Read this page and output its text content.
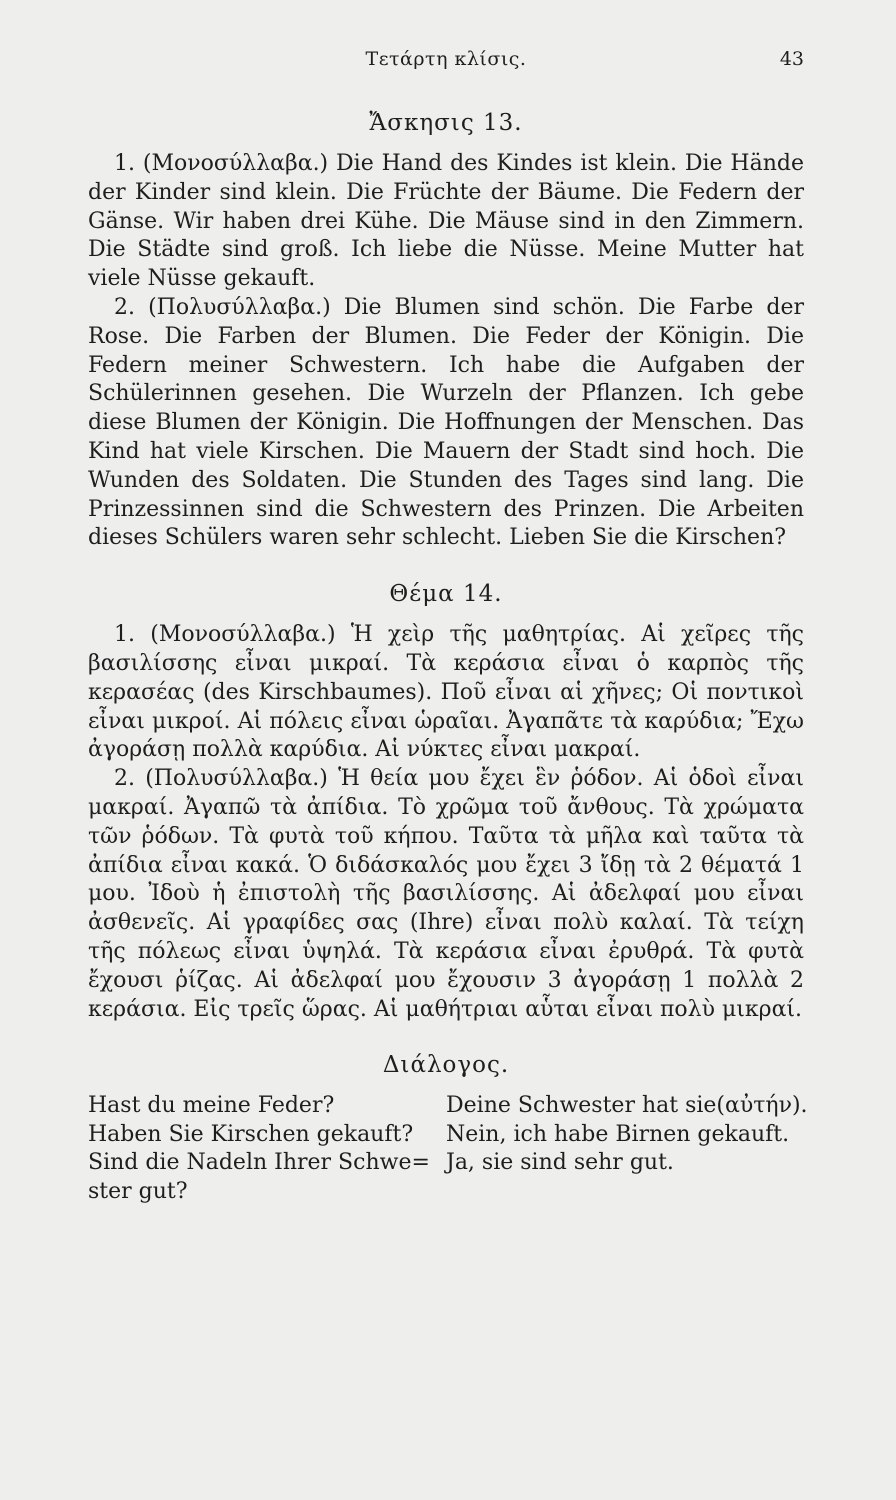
Τετάρτη κλίσις.	43
Ἄσκησις 13.

1. (Μονοσύλλαβα.) Die Hand des Kindes ist klein. Die Hände der Kinder sind klein. Die Früchte der Bäume. Die Federn der Gänse. Wir haben drei Kühe. Die Mäuse sind in den Zimmern. Die Städte sind groß. Ich liebe die Nüsse. Meine Mutter hat viele Nüsse gekauft.

2. (Πολυσύλλαβα.) Die Blumen sind schön. Die Farbe der Rose. Die Farben der Blumen. Die Feder der Königin. Die Federn meiner Schwestern. Ich habe die Aufgaben der Schülerinnen gesehen. Die Wurzeln der Pflanzen. Ich gebe diese Blumen der Königin. Die Hoffnungen der Menschen. Das Kind hat viele Kirschen. Die Mauern der Stadt sind hoch. Die Wunden des Soldaten. Die Stunden des Tages sind lang. Die Prinzessinnen sind die Schwestern des Prinzen. Die Arbeiten dieses Schülers waren sehr schlecht. Lieben Sie die Kirschen?

Θέμα 14.

1. (Μονοσύλλαβα.) Ἡ χεὶρ τῆς μαθητρίας. Αἱ χεῖρες τῆς βασιλίσσης εἶναι μικραί. Τὰ κεράσια εἶναι ὁ καρπὸς τῆς κερασέας (des Kirschbaumes). Ποῦ εἶναι αἱ χῆνες; Οἱ ποντικοὶ εἶναι μικροί. Αἱ πόλεις εἶναι ὡραῖαι. Ἀγαπᾶτε τὰ καρύδια; Ἔχω ἀγοράσῃ πολλὰ καρύδια. Αἱ νύκτες εἶναι μακραί.

2. (Πολυσύλλαβα.) Ἡ θεία μου ἔχει ἓν ῥόδον. Αἱ ὁδοὶ εἶναι μακραί. Ἀγαπῶ τὰ ἀπίδια. Τὸ χρῶμα τοῦ ἄνθους. Τὰ χρώματα τῶν ῥόδων. Τὰ φυτὰ τοῦ κήπου. Ταῦτα τὰ μῆλα καὶ ταῦτα τὰ ἀπίδια εἶναι κακά. Ὁ διδάσκαλός μου ἔχει 3 ἴδῃ τὰ 2 θέματά 1 μου. Ἰδοὺ ἡ ἐπιστολὴ τῆς βασιλίσσης. Αἱ ἀδελφαί μου εἶναι ἀσθενεῖς. Αἱ γραφίδες σας (Ihre) εἶναι πολὺ καλαί. Τὰ τείχη τῆς πόλεως εἶναι ὑψηλά. Τὰ κεράσια εἶναι ἐρυθρά. Τὰ φυτὰ ἔχουσι ῥίζας. Αἱ ἀδελφαί μου ἔχουσιν 3 ἀγοράσῃ 1 πολλὰ 2 κεράσια. Εἰς τρεῖς ὥρας. Αἱ μαθήτριαι αὗται εἶναι πολὺ μικραί.

Διάλογος.
Hast du meine Feder?
Haben Sie Kirschen gekauft?
Sind die Nadeln Ihrer Schwe=
ster gut?
Deine Schwester hat sie(αὐτήν).
Nein, ich habe Birnen gekauft.
Ja, sie sind sehr gut.
